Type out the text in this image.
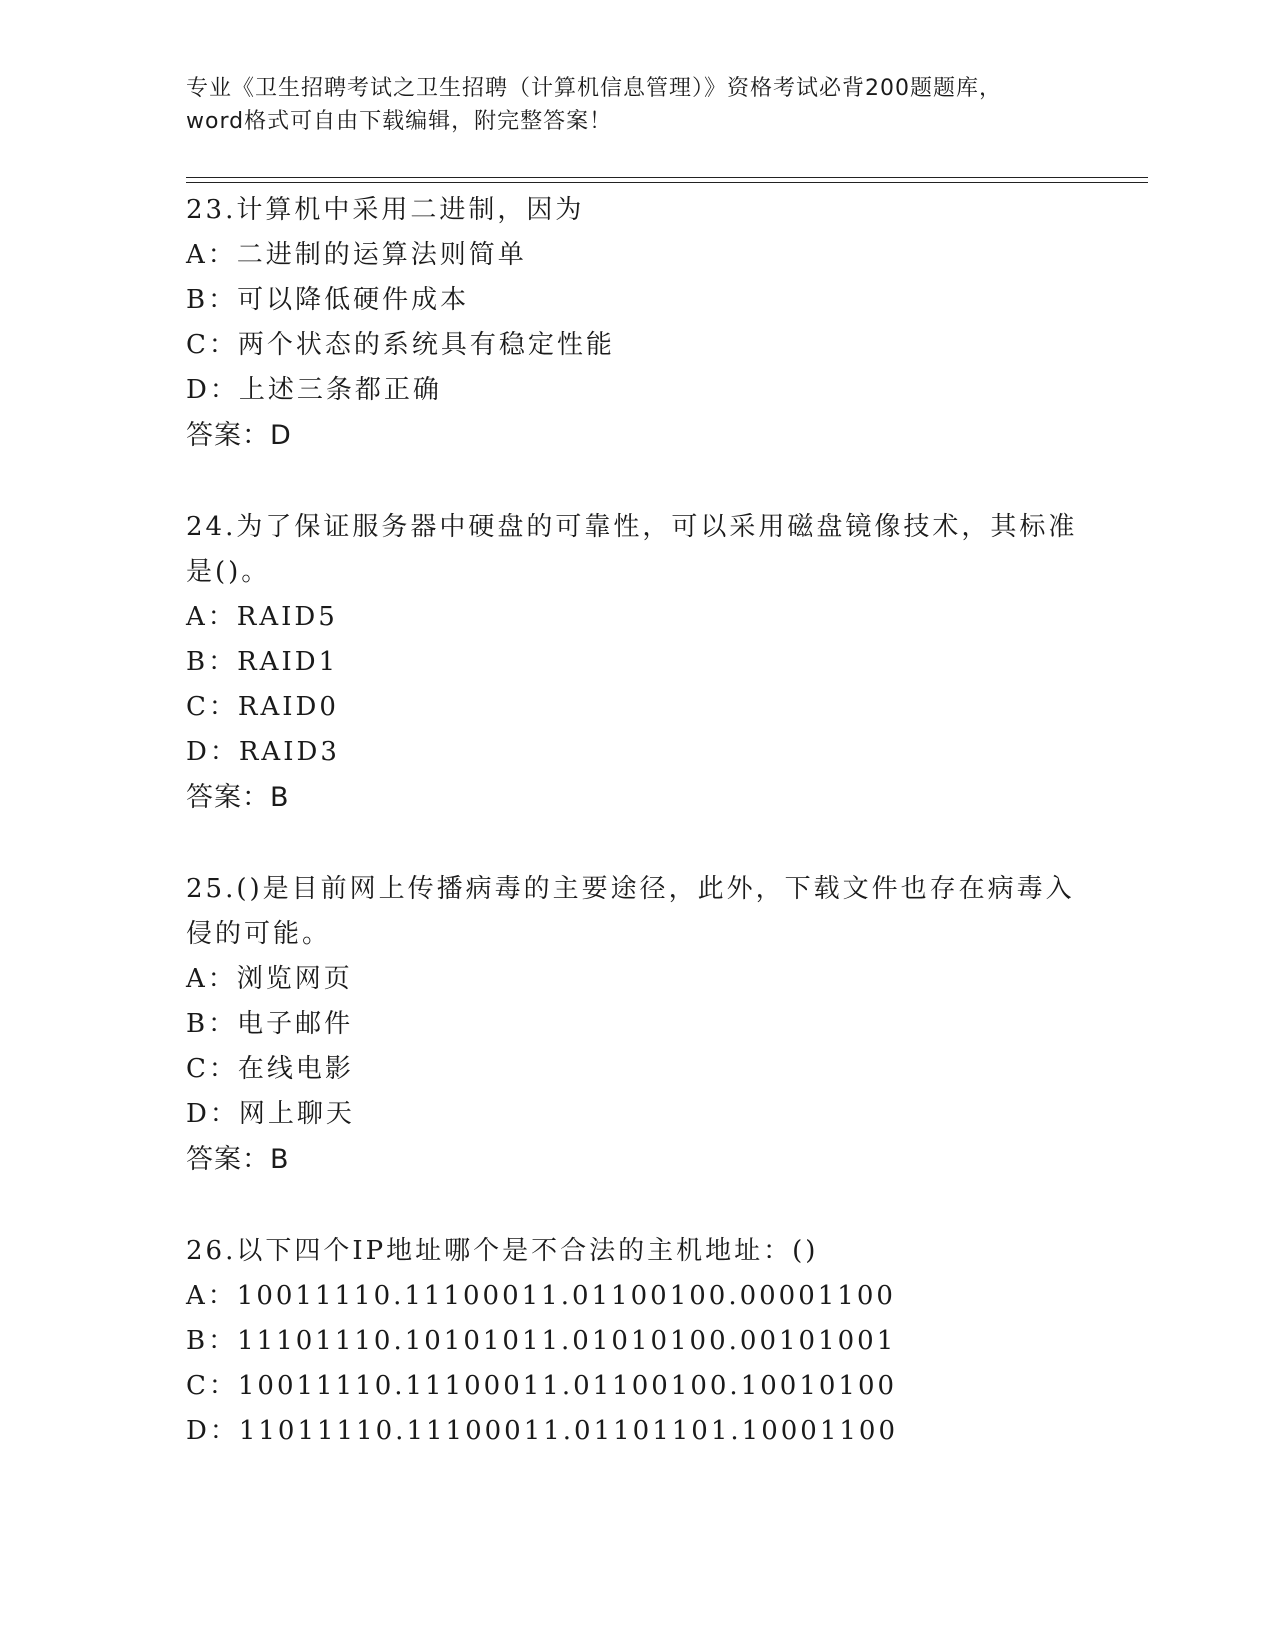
专业《卫生招聘考试之卫生招聘（计算机信息管理）》资格考试必背200题题库，
word格式可自由下载编辑，附完整答案！
23.计算机中采用二进制，因为
A：二进制的运算法则简单
B：可以降低硬件成本
C：两个状态的系统具有稳定性能
D：上述三条都正确
答案：D
24.为了保证服务器中硬盘的可靠性，可以采用磁盘镜像技术，其标准
是()。
A：RAID5
B：RAID1
C：RAID0
D：RAID3
答案：B
25.()是目前网上传播病毒的主要途径，此外，下载文件也存在病毒入
侵的可能。
A：浏览网页
B：电子邮件
C：在线电影
D：网上聊天
答案：B
26.以下四个IP地址哪个是不合法的主机地址：()
A：10011110.11100011.01100100.00001100
B：11101110.10101011.01010100.00101001
C：10011110.11100011.01100100.10010100
D：11011110.11100011.01101101.10001100
